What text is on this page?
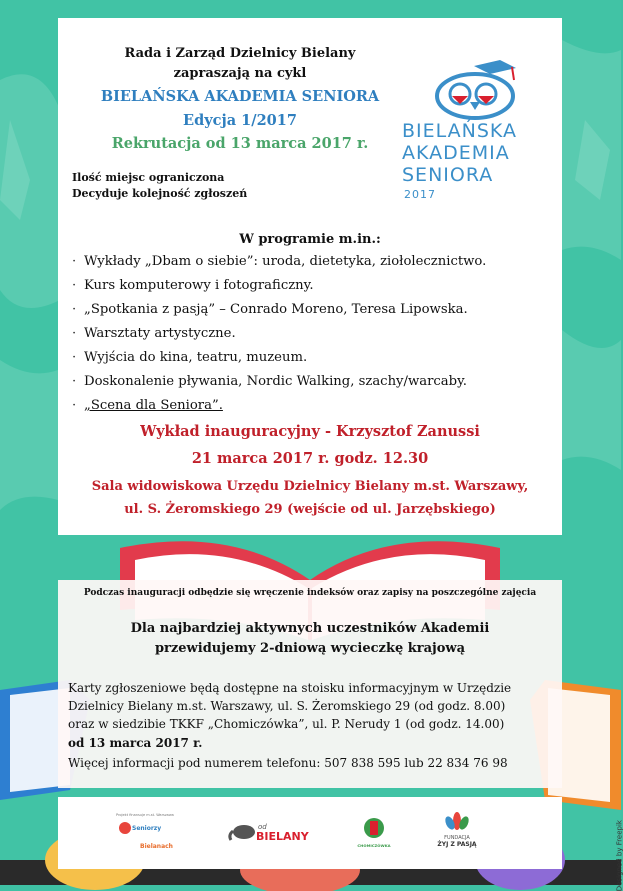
Rada i Zarząd Dzielnicy Bielany
zapraszają na cykl
BIELAŃSKA AKADEMIA SENIORA
Edycja 1/2017
Rekrutacja od 13 marca 2017 r.
Ilość miejsc ograniczona
Decyduje kolejność zgłoszeń
BIELAŃSKA
AKADEMIA
SENIORA
2017
W programie m.in.:
· Wykłady „Dbam o siebie”: uroda, dietetyka, ziołolecznictwo.
· Kurs komputerowy i fotograficzny.
· „Spotkania z pasją” – Conrado Moreno, Teresa Lipowska.
· Warsztaty artystyczne.
· Wyjścia do kina, teatru, muzeum.
· Doskonalenie pływania, Nordic Walking, szachy/warcaby.
· „Scena dla Seniora”.
Wykład inauguracyjny - Krzysztof Zanussi
21 marca 2017 r. godz. 12.30
Sala widowiskowa Urzędu Dzielnicy Bielany m.st. Warszawy,
ul. S. Żeromskiego 29 (wejście od ul. Jarzębskiego)
Podczas inauguracji odbędzie się wręczenie indeksów oraz zapisy na poszczególne zajęcia
Dla najbardziej aktywnych uczestników Akademii
przewidujemy 2-dniową wycieczkę krajową
Karty zgłoszeniowe będą dostępne na stoisku informacyjnym w Urzędzie
Dzielnicy Bielany m.st. Warszawy, ul. S. Żeromskiego 29 (od godz. 8.00)
oraz w siedzibie TKKF „Chomiczówka”, ul. P. Nerudy 1 (od godz. 14.00)
od 13 marca 2017 r.
Więcej informacji pod numerem telefonu: 507 838 595 lub 22 834 76 98
Projekt finansuje m.st. Warszawa
Seniorzy
Bielanach
od
BIELANY
CHOMICZÓWKA
FUNDACJA
ŻYJ Z PASJĄ	Designed by Freepik
